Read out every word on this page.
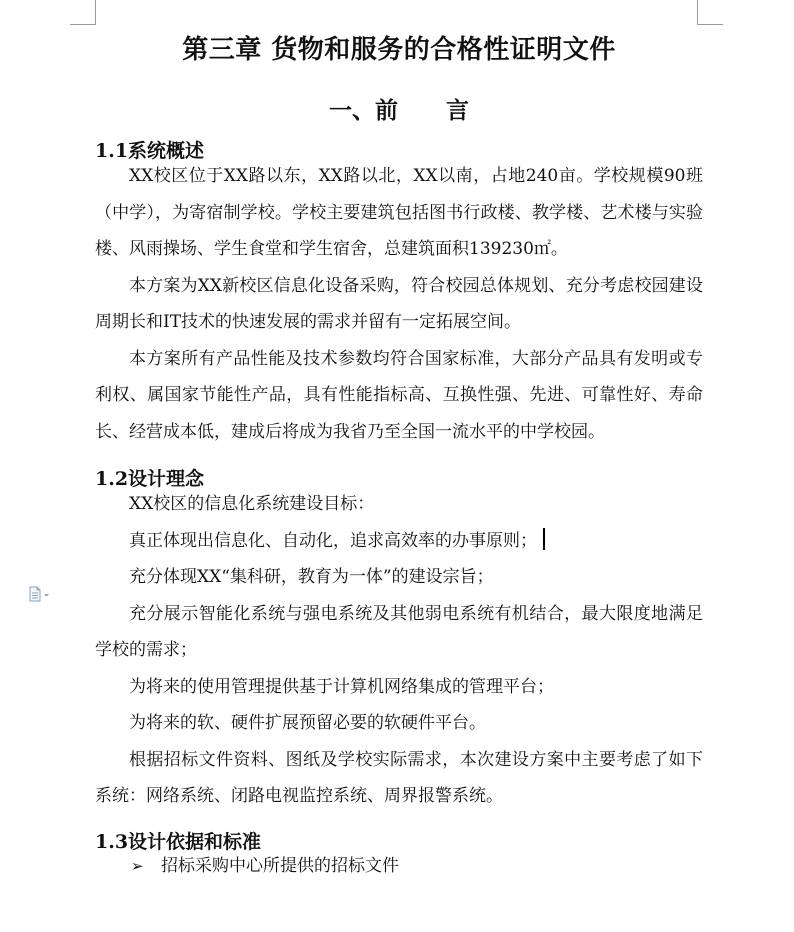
第三章 货物和服务的合格性证明文件
一、前 言
1.1系统概述

XX校区位于XX路以东，XX路以北，XX以南，占地240亩。学校规模90班（中学），为寄宿制学校。学校主要建筑包括图书行政楼、教学楼、艺术楼与实验楼、风雨操场、学生食堂和学生宿舍，总建筑面积139230㎡。

本方案为XX新校区信息化设备采购，符合校园总体规划、充分考虑校园建设周期长和IT技术的快速发展的需求并留有一定拓展空间。

本方案所有产品性能及技术参数均符合国家标准，大部分产品具有发明或专利权、属国家节能性产品，具有性能指标高、互换性强、先进、可靠性好、寿命长、经营成本低，建成后将成为我省乃至全国一流水平的中学校园。

1.2设计理念

XX校区的信息化系统建设目标：

真正体现出信息化、自动化，追求高效率的办事原则；

充分体现XX“集科研，教育为一体”的建设宗旨；

充分展示智能化系统与强电系统及其他弱电系统有机结合，最大限度地满足学校的需求；

为将来的使用管理提供基于计算机网络集成的管理平台；

为将来的软、硬件扩展预留必要的软硬件平台。

根据招标文件资料、图纸及学校实际需求，本次建设方案中主要考虑了如下系统：网络系统、闭路电视监控系统、周界报警系统。

1.3设计依据和标准
➢ 招标采购中心所提供的招标文件
